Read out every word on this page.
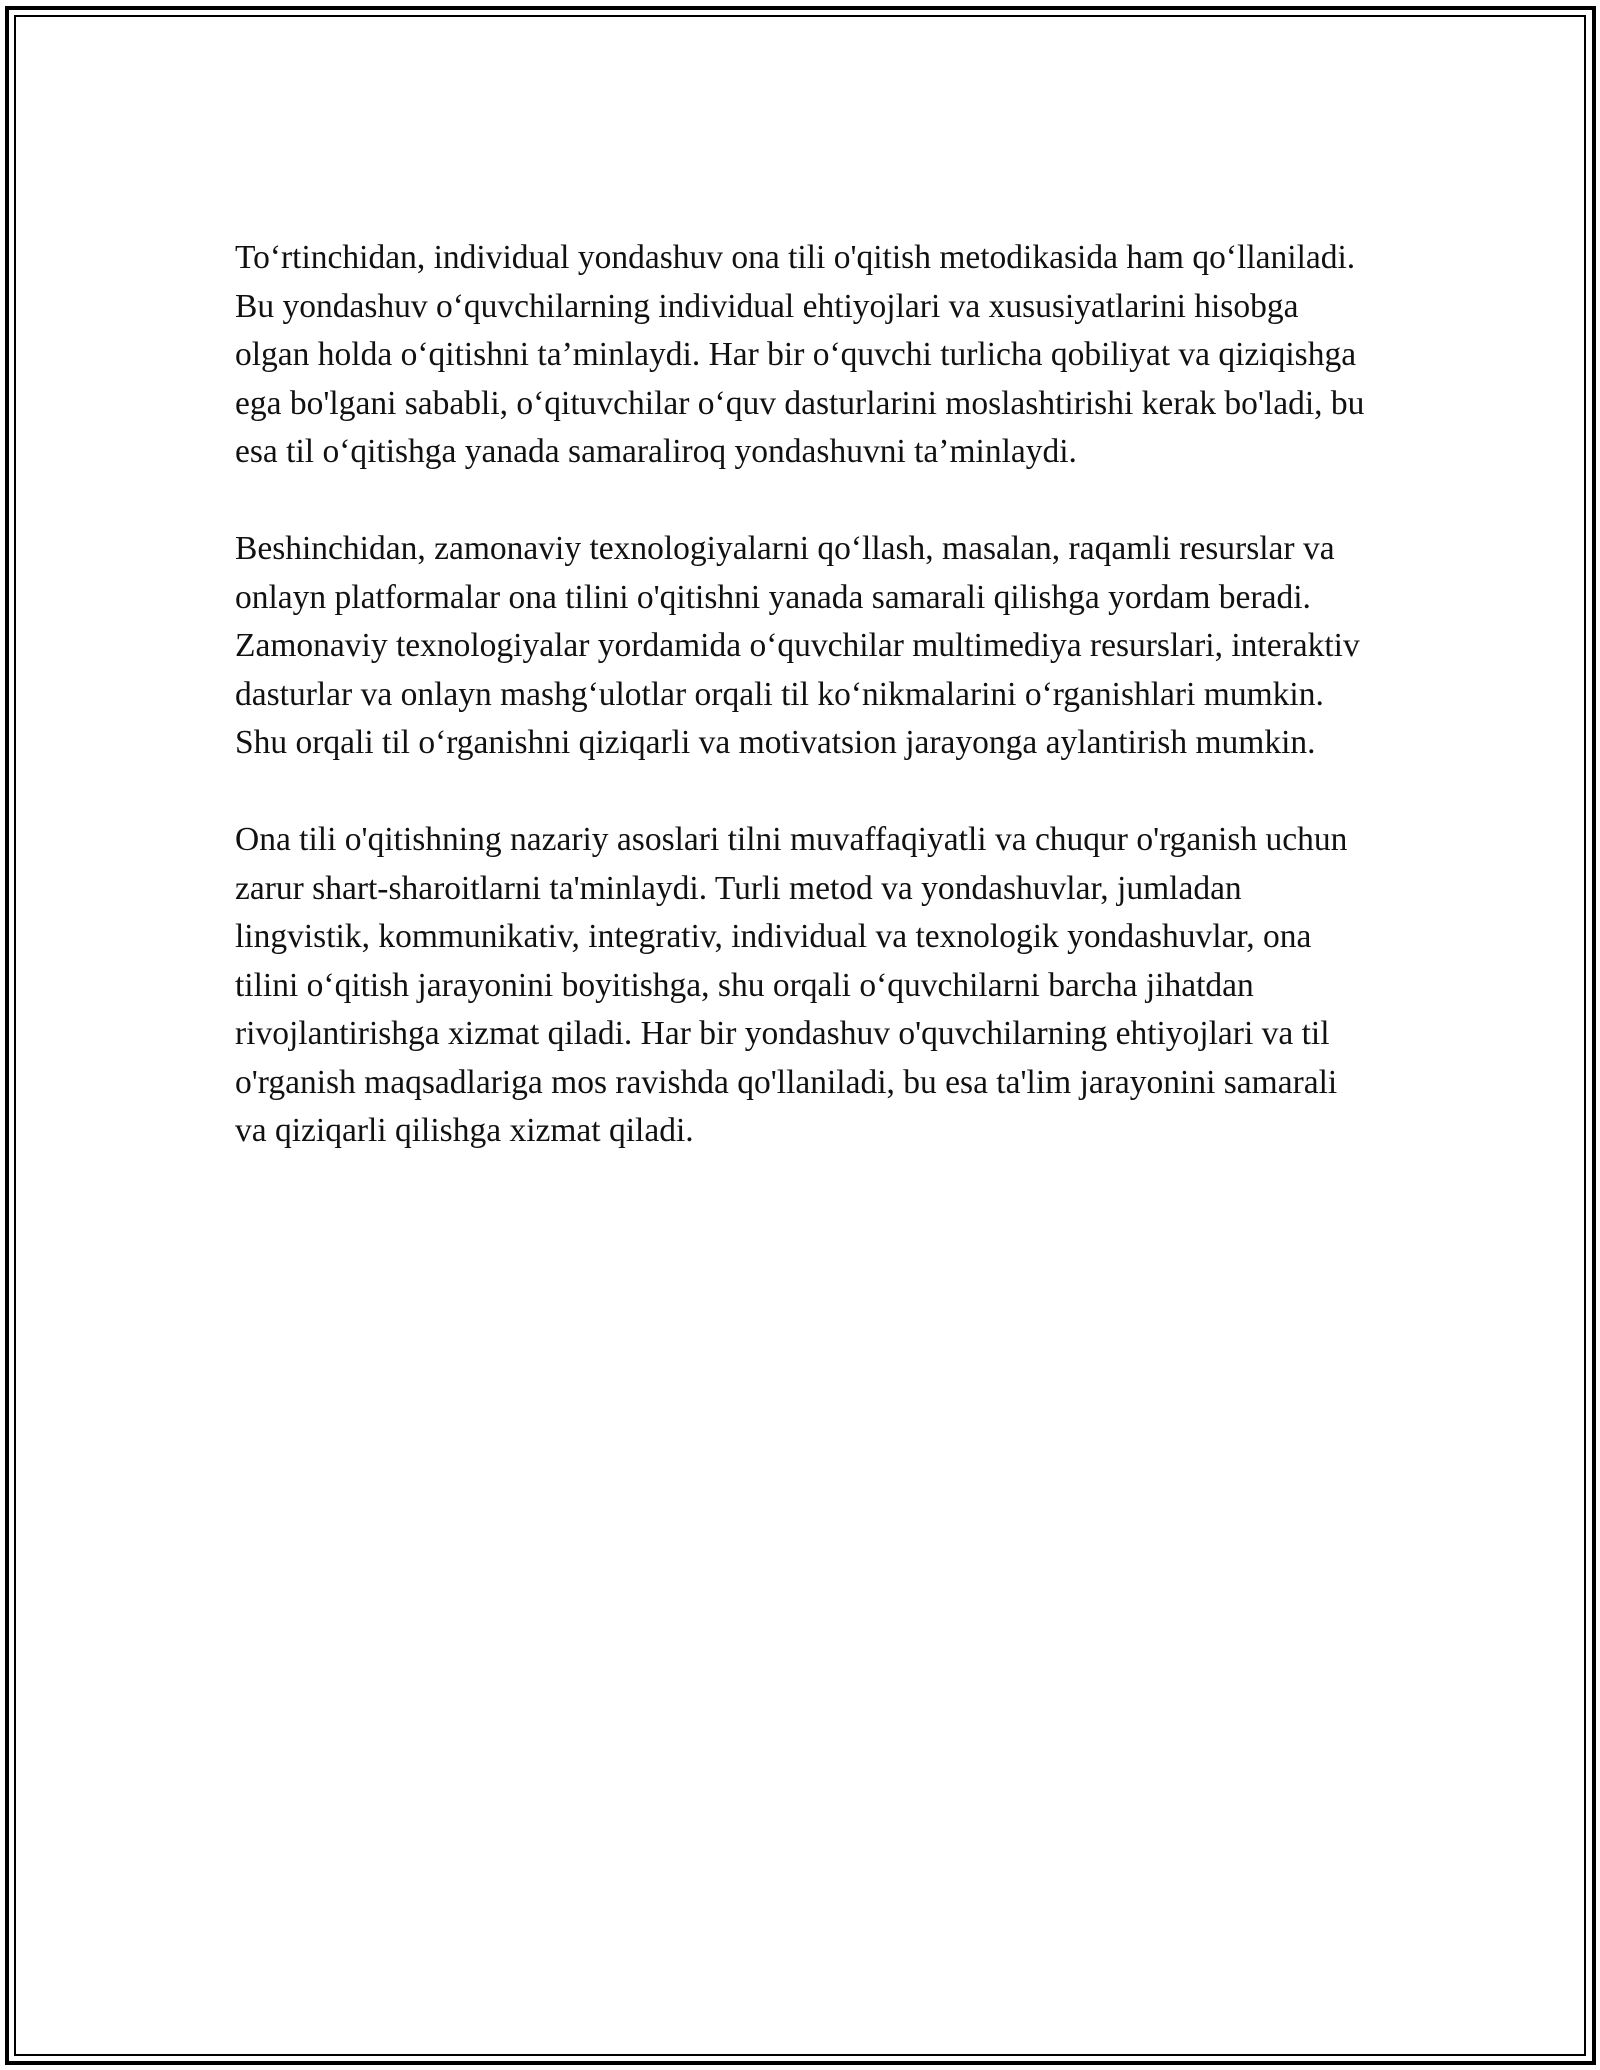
To‘rtinchidan, individual yondashuv ona tili o'qitish metodikasida ham qo‘llaniladi. Bu yondashuv o‘quvchilarning individual ehtiyojlari va xususiyatlarini hisobga olgan holda o‘qitishni ta’minlaydi. Har bir o‘quvchi turlicha qobiliyat va qiziqishga ega bo'lgani sababli, o‘qituvchilar o‘quv dasturlarini moslashtirishi kerak bo'ladi, bu esa til o‘qitishga yanada samaraliroq yondashuvni ta’minlaydi.

Beshinchidan, zamonaviy texnologiyalarni qo‘llash, masalan, raqamli resurslar va onlayn platformalar ona tilini o'qitishni yanada samarali qilishga yordam beradi. Zamonaviy texnologiyalar yordamida o‘quvchilar multimediya resurslari, interaktiv dasturlar va onlayn mashg‘ulotlar orqali til ko‘nikmalarini o‘rganishlari mumkin. Shu orqali til o‘rganishni qiziqarli va motivatsion jarayonga aylantirish mumkin.

Ona tili o'qitishning nazariy asoslari tilni muvaffaqiyatli va chuqur o'rganish uchun zarur shart-sharoitlarni ta'minlaydi. Turli metod va yondashuvlar, jumladan lingvistik, kommunikativ, integrativ, individual va texnologik yondashuvlar, ona tilini o‘qitish jarayonini boyitishga, shu orqali o‘quvchilarni barcha jihatdan rivojlantirishga xizmat qiladi. Har bir yondashuv o'quvchilarning ehtiyojlari va til o'rganish maqsadlariga mos ravishda qo'llaniladi, bu esa ta'lim jarayonini samarali va qiziqarli qilishga xizmat qiladi.
